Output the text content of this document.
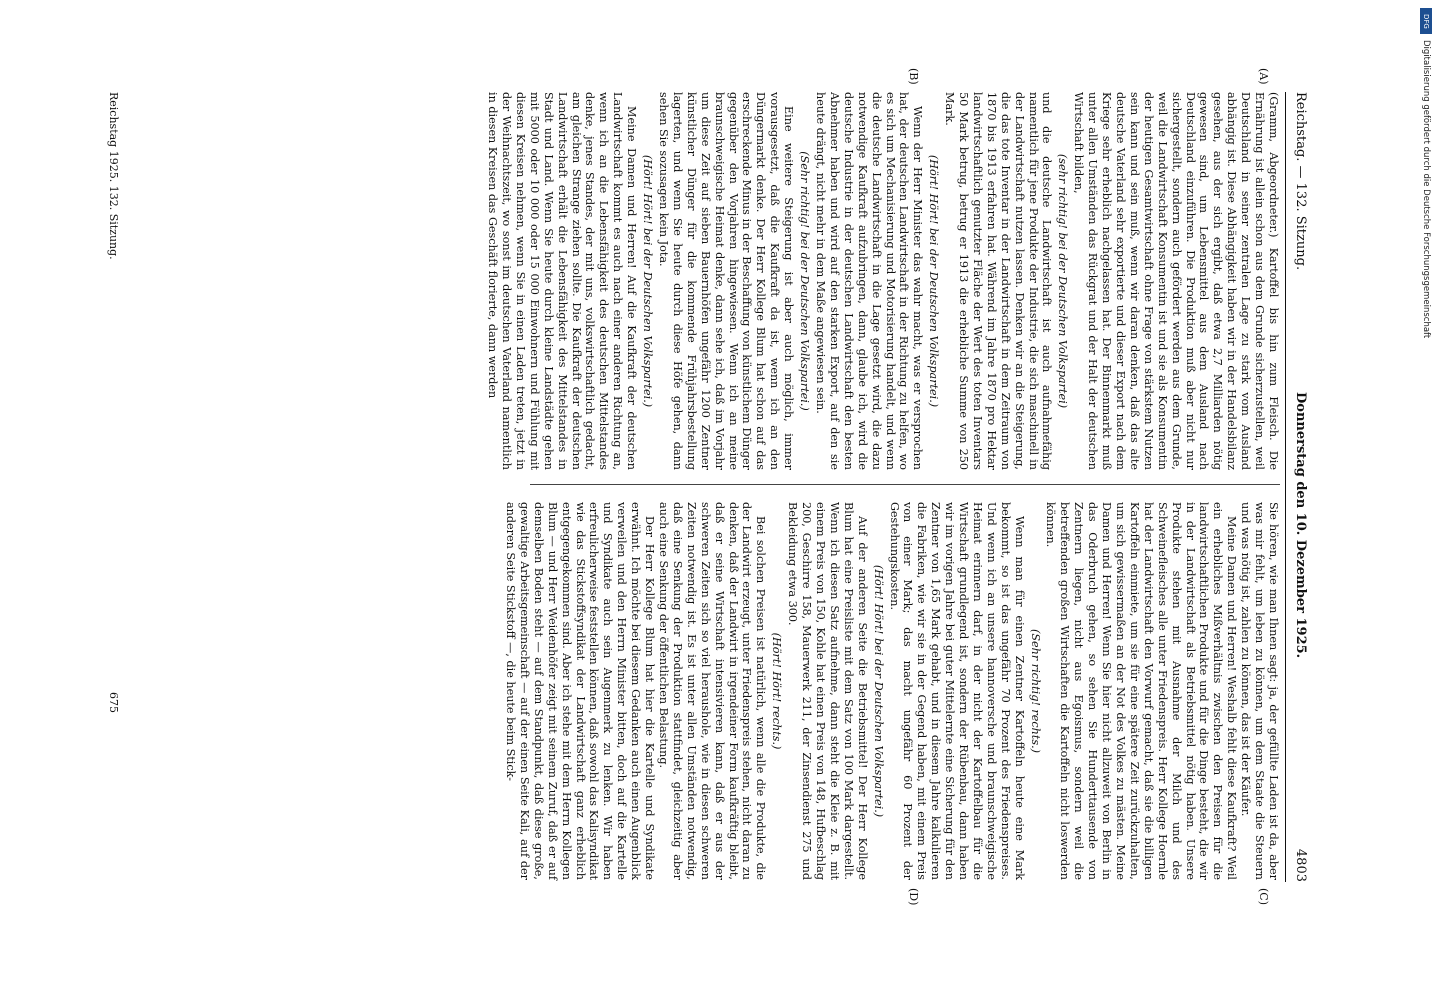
Reichstag. — 132. Sitzung.
Donnerstag den 10. Dezember 1925.
4803
(A)
(B)
(C)
(D)

(Gramm, Abgeordneter.) Kartoffel bis hin zum Fleisch. Die Ernährung ist allein schon aus dem Grunde sicherzustellen, weil Deutschland in seiner zentralen Lage zu stark vom Ausland abhängig ist. Diese Abhängigkeit haben wir in der Handelsbilanz gesehen, aus der sich ergibt, daß etwa 2,7 Milliarden nötig gewesen sind, um Lebensmittel aus dem Ausland nach Deutschland einzuführen. Die Produktion muß aber nicht nur sichergestellt, sondern auch gefördert werden aus dem Grunde, weil die Landwirtschaft Konsumentin ist und sie als Konsumentin der heutigen Gesamtwirtschaft ohne Frage von stärkstem Nutzen sein kann und sein muß, wenn wir daran denken, daß das alte deutsche Vaterland sehr exportierte und dieser Export nach dem Kriege sehr erheblich nachgelassen hat. Der Binnenmarkt muß unter allen Umständen das Rückgrat und der Halt der deutschen Wirtschaft bilden,

(sehr richtig! bei der Deutschen Volkspartei)

und die deutsche Landwirtschaft ist auch aufnahmefähig namentlich für jene Produkte der Industrie, die sich maschinell in der Landwirtschaft nutzen lassen. Denken wir an die Steigerung, die das tote Inventar in der Landwirtschaft in dem Zeitraum von 1870 bis 1913 erfahren hat. Während im Jahre 1870 pro Hektar landwirtschaftlich genutzter Fläche der Wert des toten Inventars 50 Mark betrug, betrug er 1913 die erhebliche Summe von 250 Mark.

(Hört! Hört! bei der Deutschen Volkspartei.)

Wenn der Herr Minister das wahr macht, was er versprochen hat, der deutschen Landwirtschaft in der Richtung zu helfen, wo es sich um Mechanisierung und Motorisierung handelt, und wenn die deutsche Landwirtschaft in die Lage gesetzt wird, die dazu notwendige Kaufkraft aufzubringen, dann, glaube ich, wird die deutsche Industrie in der deutschen Landwirtschaft den besten Abnehmer haben und wird auf den starken Export, auf den sie heute drängt, nicht mehr in dem Maße angewiesen sein.

(Sehr richtig! bei der Deutschen Volkspartei.)

Eine weitere Steigerung ist aber auch möglich, immer vorausgesetzt, daß die Kaufkraft da ist, wenn ich an den Düngermarkt denke. Der Herr Kollege Blum hat schon auf das erschreckende Minus in der Beschaffung von künstlichem Dünger gegenüber den Vorjahren hingewiesen. Wenn ich an meine braunschweigische Heimat denke, dann sehe ich, daß im Vorjahr um diese Zeit auf sieben Bauernhöfen ungefähr 1200 Zentner künstlicher Dünger für die kommende Frühjahrsbestellung lagerten, und wenn Sie heute durch diese Höfe gehen, dann sehen Sie sozusagen kein Jota.

(Hört! Hört! bei der Deutschen Volkspartei.)

Meine Damen und Herren! Auf die Kaufkraft der deutschen Landwirtschaft kommt es auch nach einer anderen Richtung an, wenn ich an die Lebensfähigkeit des deutschen Mittelstandes denke, jenes Standes, der mit uns, volkswirtschaftlich gedacht, am gleichen Strange ziehen sollte. Die Kaufkraft der deutschen Landwirtschaft erhält die Lebensfähigkeit des Mittelstandes in Stadt und Land. Wenn Sie heute durch kleine Landstädte gehen mit 5000 oder 10 000 oder 15 000 Einwohnern und Fühlung mit diesen Kreisen nehmen, wenn Sie in einen Laden treten, jetzt in der Weihnachtszeit, wo sonst im deutschen Vaterland namentlich in diesen Kreisen das Geschäft florierte, dann werden

Sie hören, wie man Ihnen sagt: ja, der gefüllte Laden ist da, aber was mir fehlt, um leben zu können, um dem Staate die Steuern und was nötig ist, zahlen zu können, das ist der Käufer.

Meine Damen und Herren! Weshalb fehlt diese Kaufkraft? Weil ein erhebliches Mißverhältnis zwischen den Preisen für die landwirtschaftlichen Produkte und für die Dinge besteht, die wir in der Landwirtschaft als Betriebsmittel nötig haben. Unsere Produkte stehen mit Ausnahme der Milch und des Schweinefleisches alle unter Friedenspreis. Herr Kollege Hoernle hat der Landwirtschaft den Vorwurf gemacht, daß sie die billigen Kartoffeln einmiete, um sie für eine spätere Zeit zurückzuhalten, um sich gewissermaßen an der Not des Volkes zu mästen. Meine Damen und Herren! Wenn Sie hier nicht allzuweit von Berlin in das Oderbruch gehen, so sehen Sie Hunderttausende von Zentnern liegen, nicht aus Egoismus, sondern weil die betreffenden großen Wirtschaften die Kartoffeln nicht loswerden können.

(Sehr richtig! rechts.)

Wenn man für einen Zentner Kartoffeln heute eine Mark bekommt, so ist das ungefähr 70 Prozent des Friedenspreises. Und wenn ich an unsere hannoversche und braunschweigische Heimat erinnern darf, in der nicht der Kartoffelbau für die Wirtschaft grundlegend ist, sondern der Rübenbau, dann haben wir im vorigen Jahre bei guter Mittelernte eine Sicherung für den Zentner von 1,65 Mark gehabt, und in diesem Jahre kalkulieren die Fabriken, wie wir sie in der Gegend haben, mit einem Preis von einer Mark; das macht ungefähr 60 Prozent der Gestehungskosten.

(Hört! Hört! bei der Deutschen Volkspartei.)

Auf der anderen Seite die Betriebsmittel! Der Herr Kollege Blum hat eine Preisliste mit dem Satz von 100 Mark dargestellt. Wenn ich diesen Satz aufnehme, dann steht die Kleie z. B. mit einem Preis von 150, Kohle hat einen Preis von 148, Hufbeschlag 200, Geschirre 158, Mauerwerk 211, der Zinsendienst 275 und Bekleidung etwa 300.

(Hört! Hört! rechts.)

Bei solchen Preisen ist natürlich, wenn alle die Produkte, die der Landwirt erzeugt, unter Friedenspreis stehen, nicht daran zu denken, daß der Landwirt in irgendeiner Form kaufkräftig bleibt, daß er seine Wirtschaft intensivieren kann, daß er aus der schweren Zeiten sich so viel heraushole, wie in diesen schweren Zeiten notwendig ist. Es ist unter allen Umständen notwendig, daß eine Senkung der Produktion stattfindet, gleichzeitig aber auch eine Senkung der öffentlichen Belastung.

Der Herr Kollege Blum hat hier die Kartelle und Syndikate erwähnt. Ich möchte bei diesem Gedanken auch einen Augenblick verweilen und den Herrn Minister bitten, doch auf die Kartelle und Syndikate auch sein Augenmerk zu lenken. Wir haben erfreulicherweise feststellen können, daß sowohl das Kalisyndikat wie das Stickstoffsyndikat der Landwirtschaft ganz erheblich entgegengekommen sind. Aber ich stehe mit dem Herrn Kollegen Blum — und Herr Weidenhöfer zeigt mit seinem Zuruf, daß er auf demselben Boden steht — auf dem Standpunkt, daß diese große, gewaltige Arbeitsgemeinschaft — auf der einen Seite Kali, auf der anderen Seite Stickstoff —, die heute beim Stick-

Reichstag 1925. 132. Sitzung.
675
DFG
Digitalisierung gefördert durch die Deutsche Forschungsgemeinschaft
